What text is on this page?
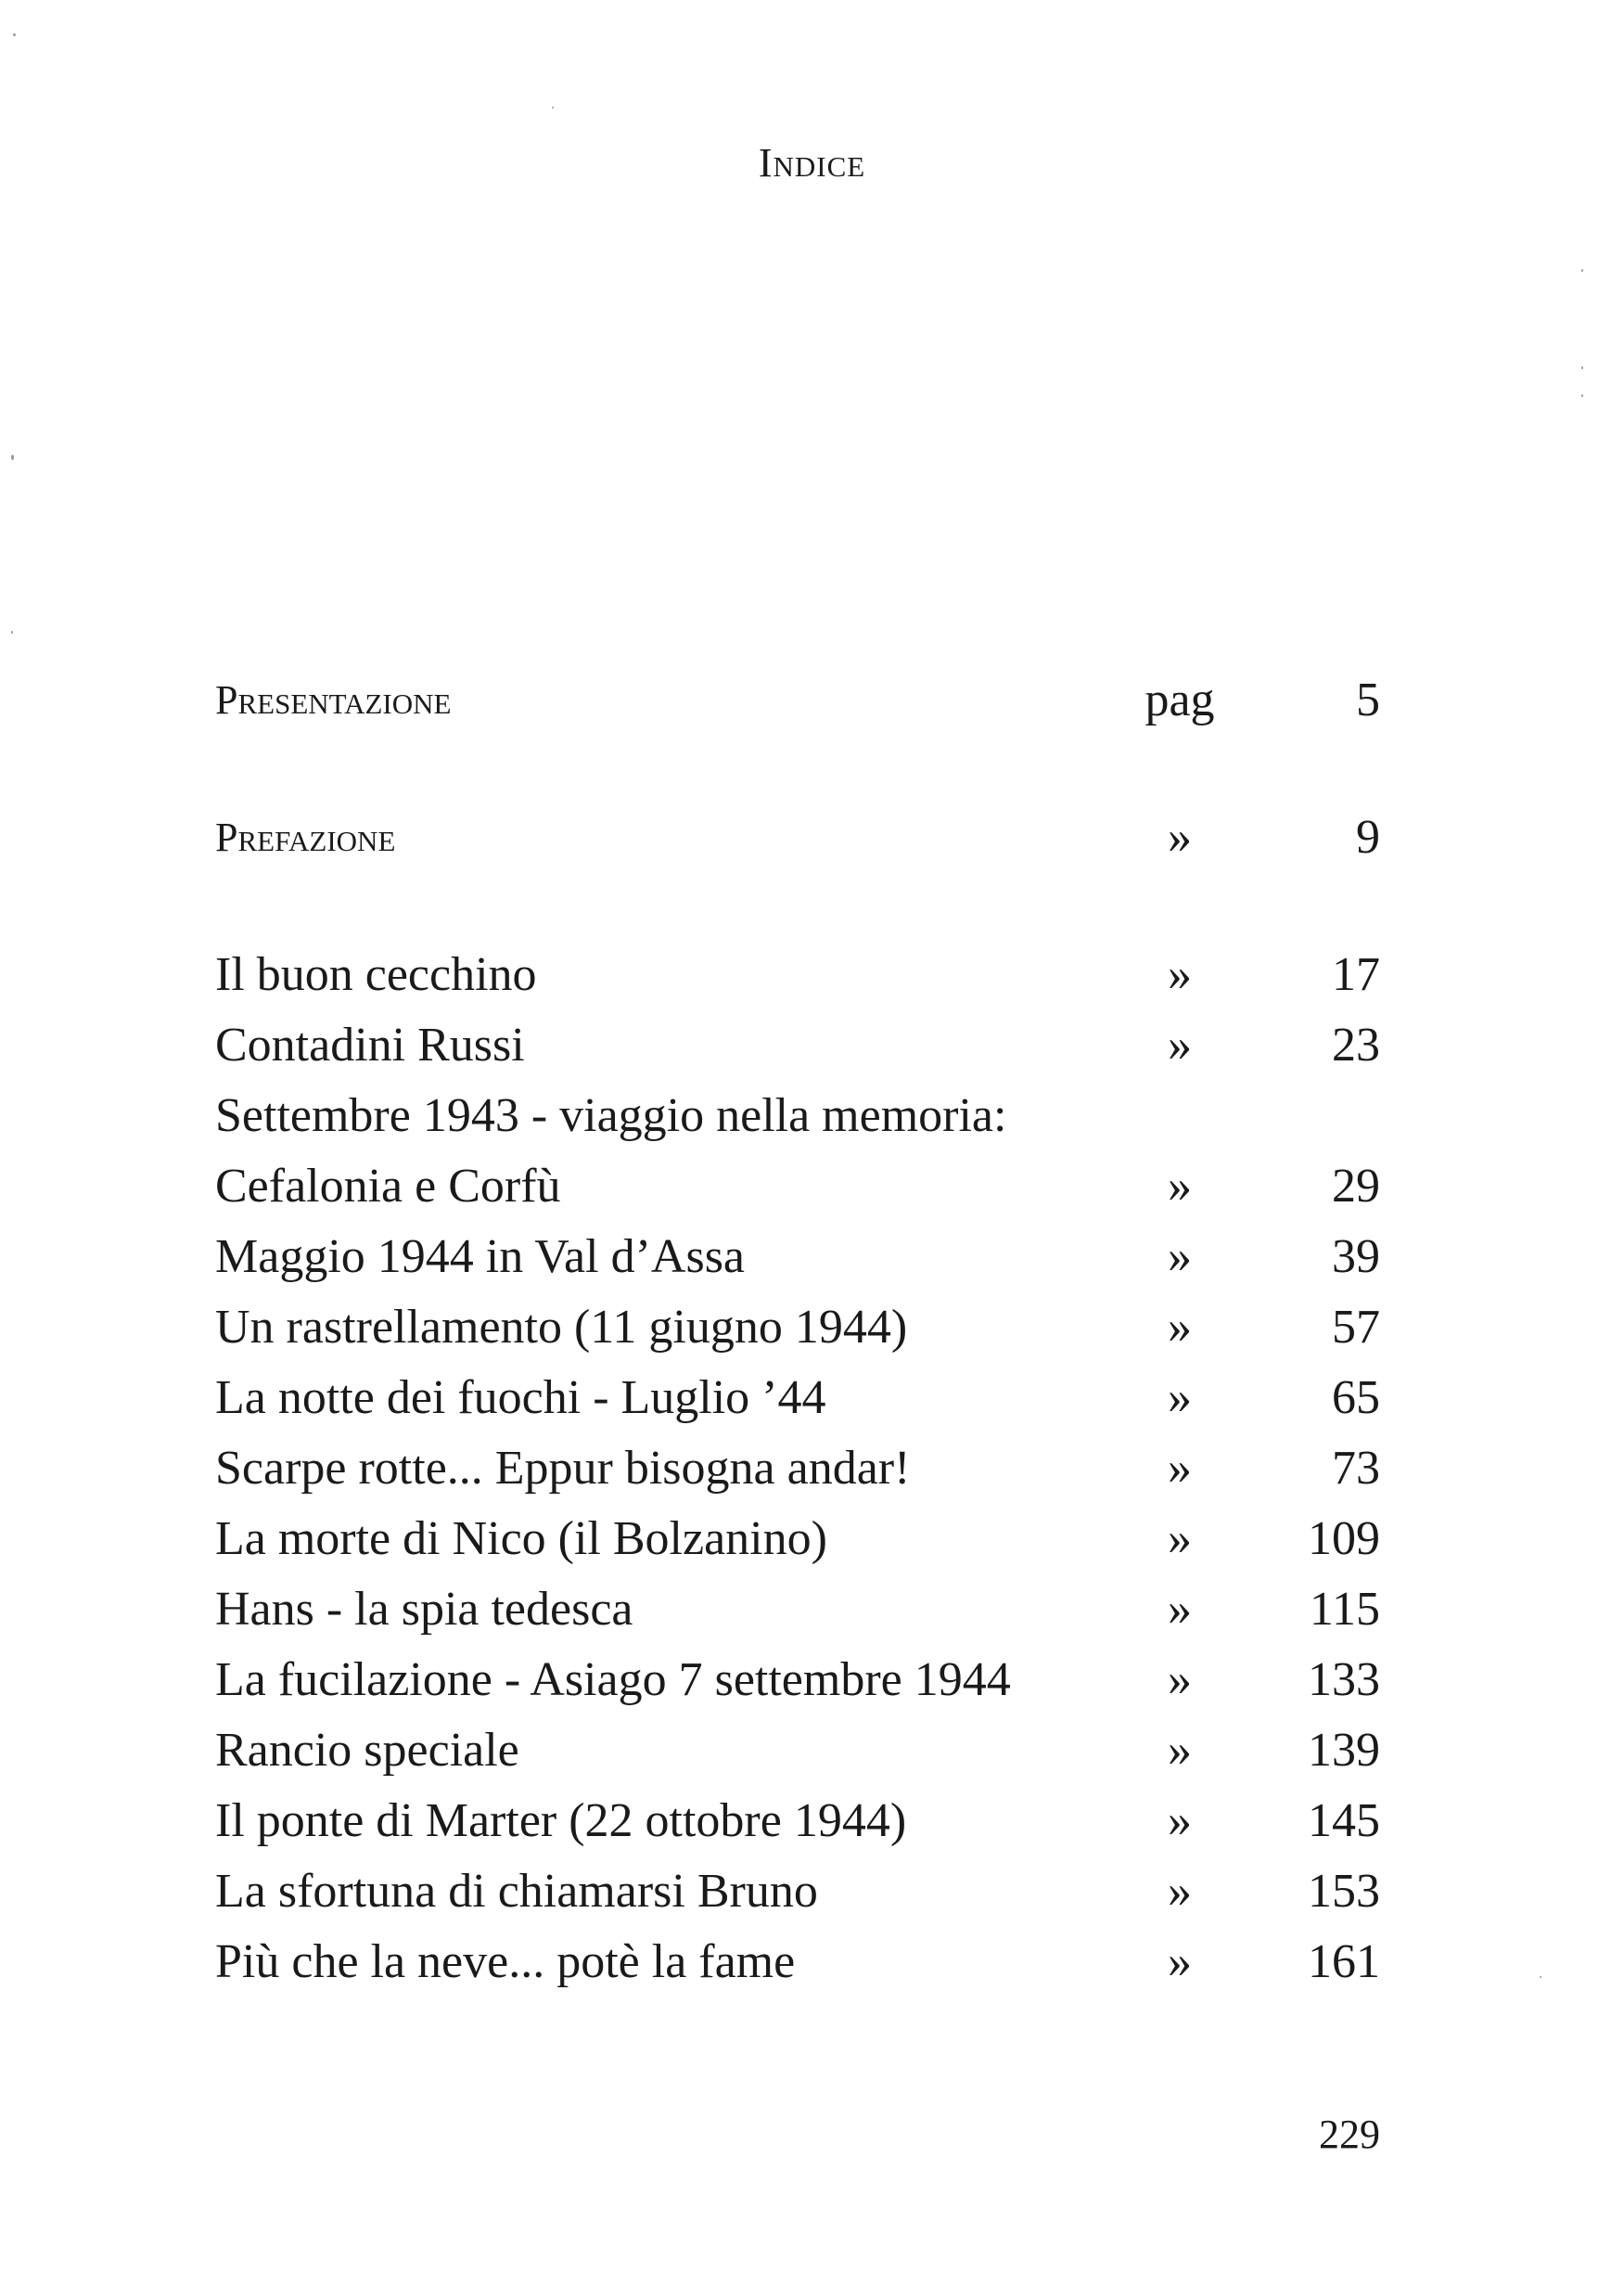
Indice
Presentazione	pag	5
Prefazione	»	9
Il buon cecchino	»	17
Contadini Russi	»	23
Settembre 1943 - viaggio nella memoria:
Cefalonia e Corfù	»	29
Maggio 1944 in Val d’Assa	»	39
Un rastrellamento (11 giugno 1944)	»	57
La notte dei fuochi - Luglio ’44	»	65
Scarpe rotte... Eppur bisogna andar!	»	73
La morte di Nico (il Bolzanino)	»	109
Hans - la spia tedesca	»	115
La fucilazione - Asiago 7 settembre 1944	»	133
Rancio speciale	»	139
Il ponte di Marter (22 ottobre 1944)	»	145
La sfortuna di chiamarsi Bruno	»	153
Più che la neve... potè la fame	»	161
229
